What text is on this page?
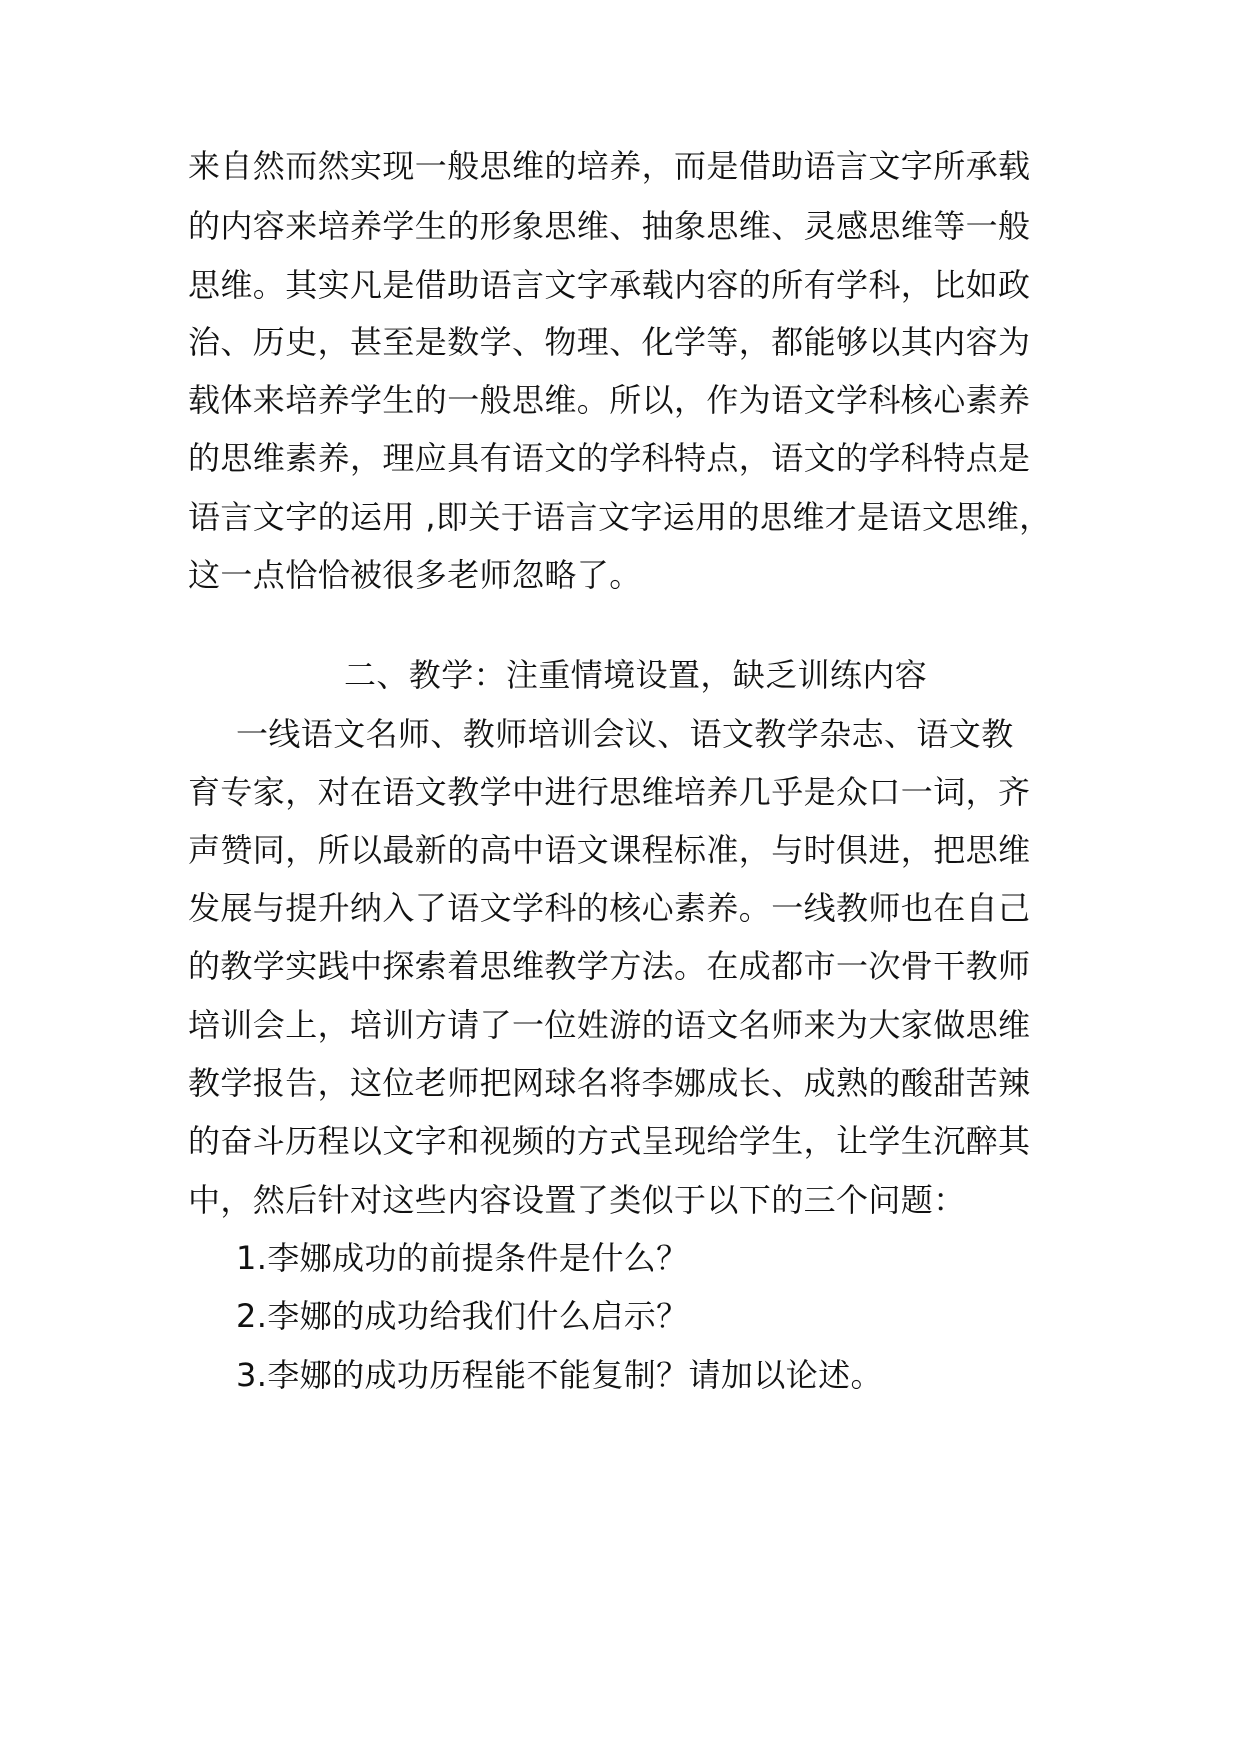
来自然而然实现一般思维的培养，而是借助语言文字所承载
的内容来培养学生的形象思维、抽象思维、灵感思维等一般
思维。其实凡是借助语言文字承载内容的所有学科，比如政
治、历史，甚至是数学、物理、化学等，都能够以其内容为
载体来培养学生的一般思维。所以，作为语文学科核心素养
的思维素养，理应具有语文的学科特点，语文的学科特点是
语言文字的运用 ,即关于语言文字运用的思维才是语文思维，
这一点恰恰被很多老师忽略了。
二、教学：注重情境设置，缺乏训练内容
一线语文名师、教师培训会议、语文教学杂志、语文教
育专家，对在语文教学中进行思维培养几乎是众口一词，齐
声赞同，所以最新的高中语文课程标准，与时俱进，把思维
发展与提升纳入了语文学科的核心素养。一线教师也在自己
的教学实践中探索着思维教学方法。在成都市一次骨干教师
培训会上，培训方请了一位姓游的语文名师来为大家做思维
教学报告，这位老师把网球名将李娜成长、成熟的酸甜苦辣
的奋斗历程以文字和视频的方式呈现给学生，让学生沉醉其
中，然后针对这些内容设置了类似于以下的三个问题：
1.李娜成功的前提条件是什么？
2.李娜的成功给我们什么启示？
3.李娜的成功历程能不能复制？请加以论述。
